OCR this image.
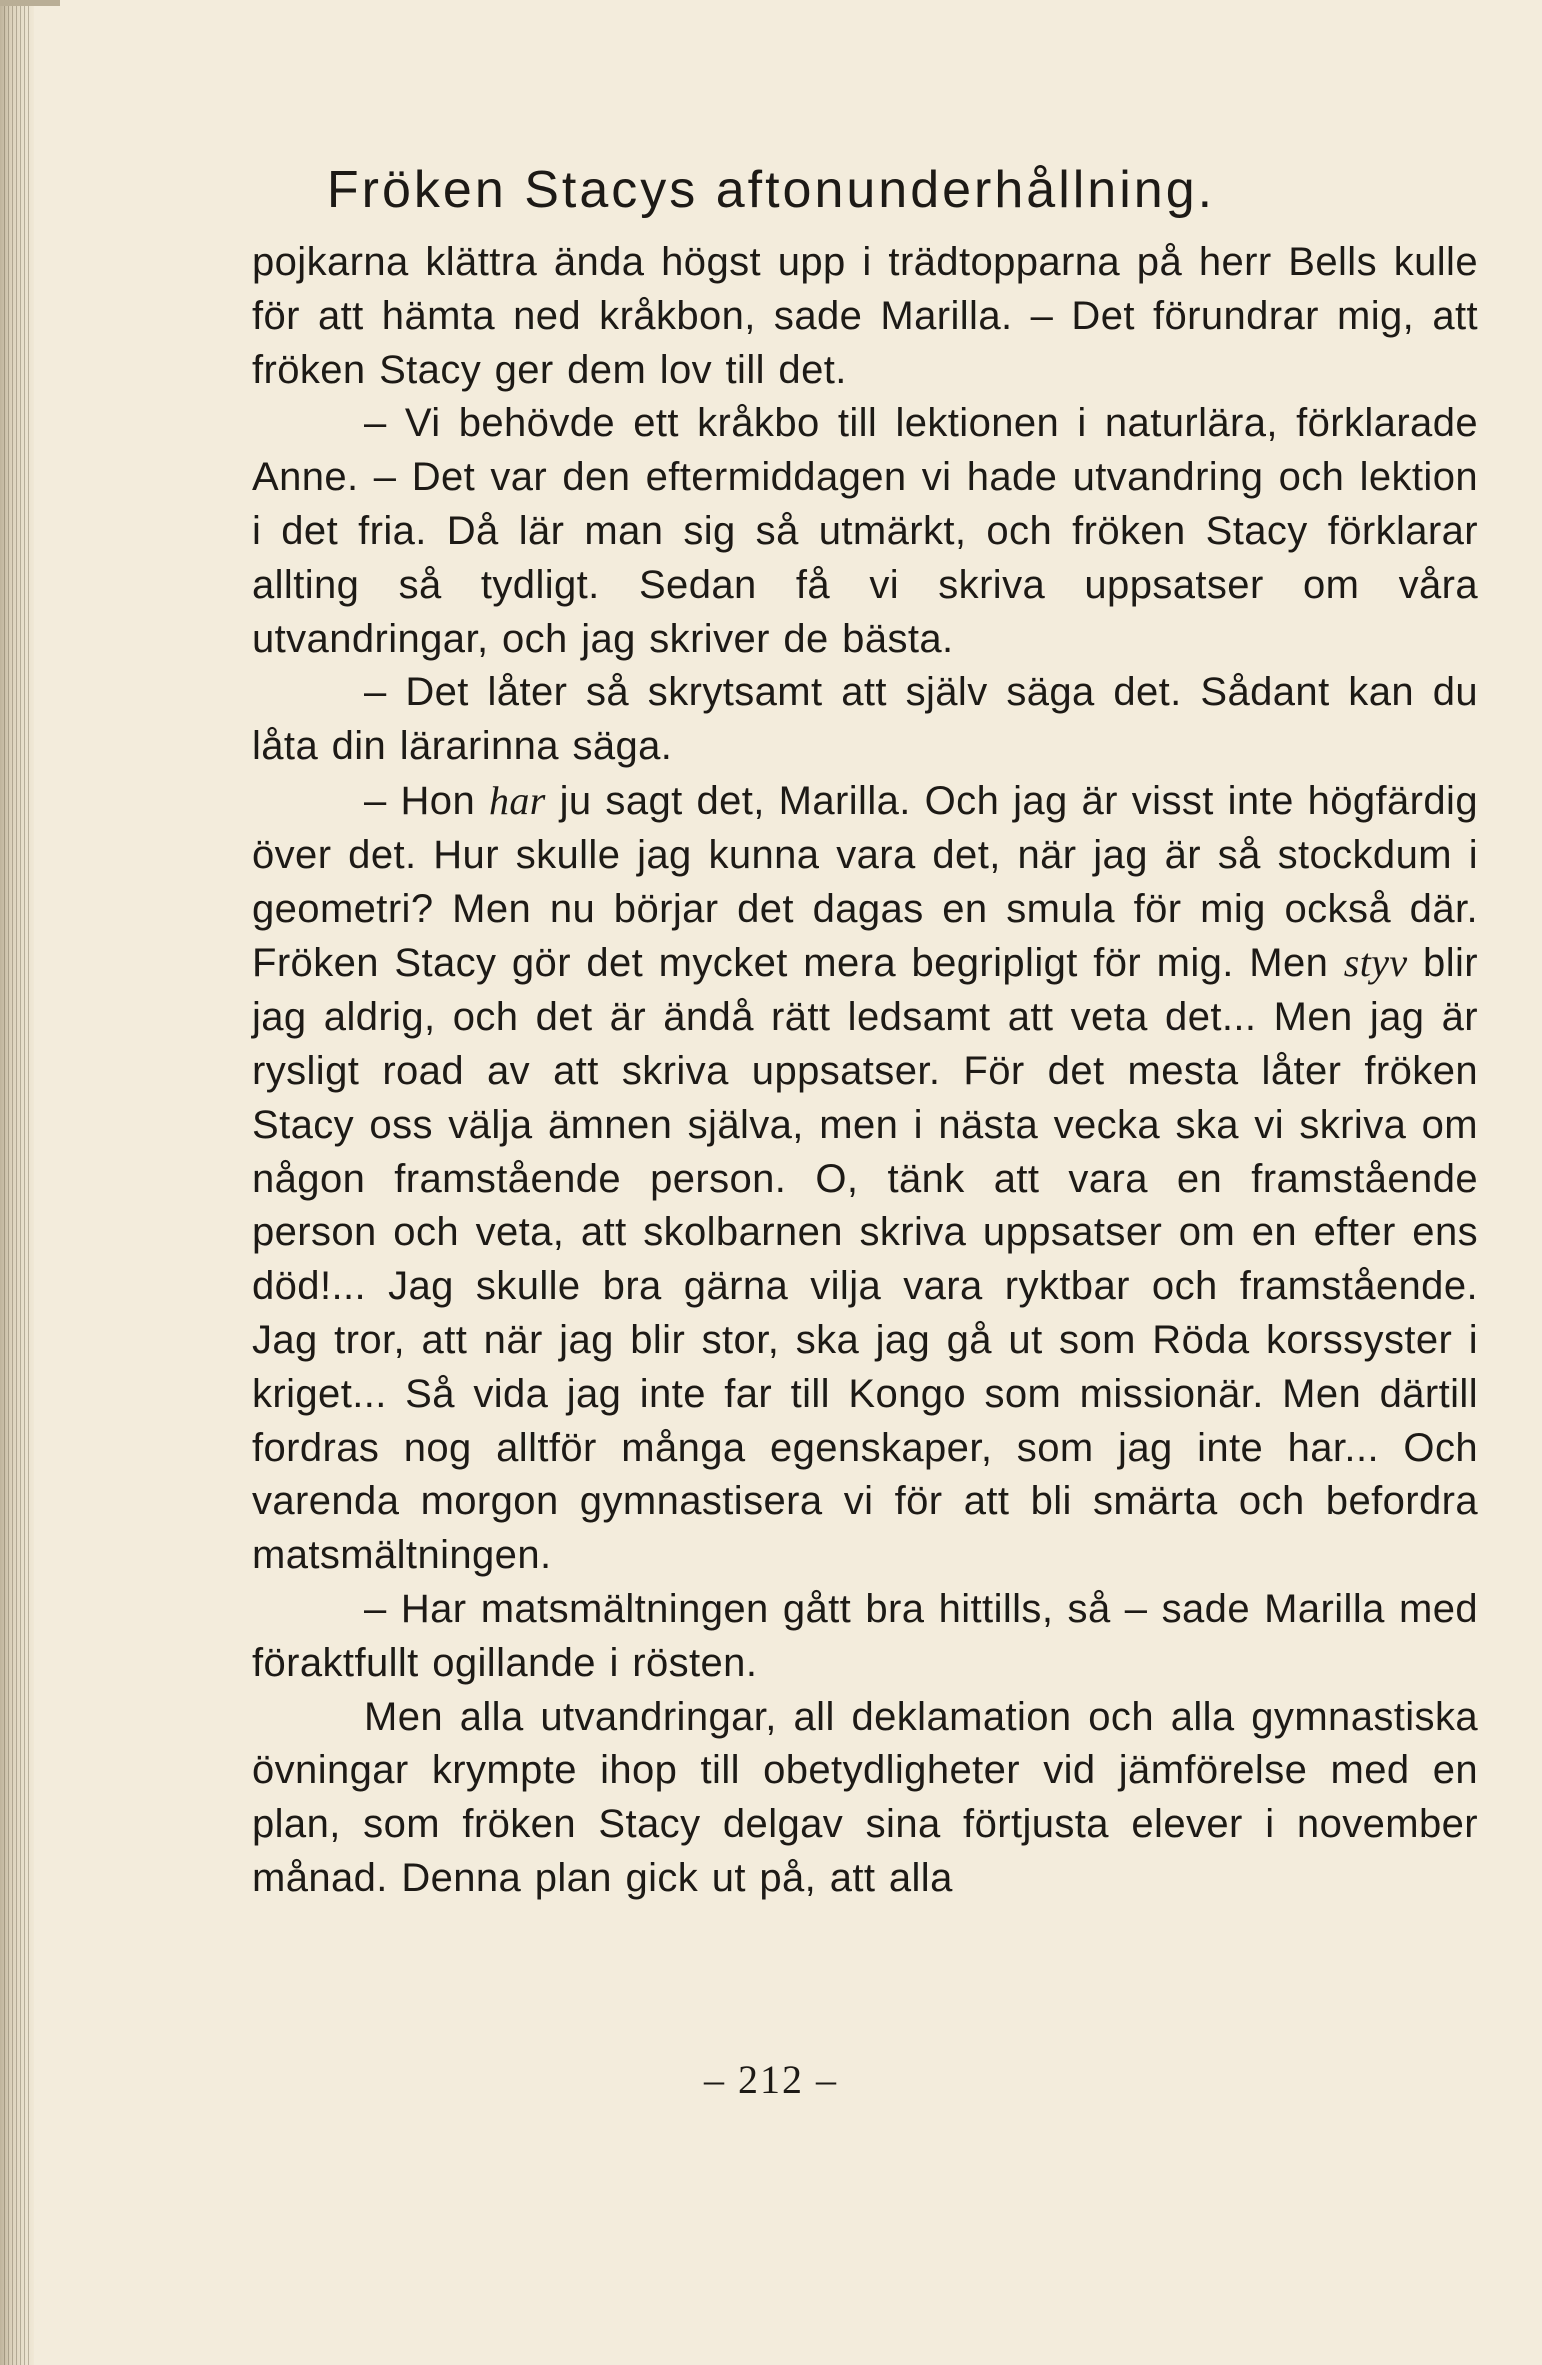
Fröken Stacys aftonunderhållning.

pojkarna klättra ända högst upp i trädtopparna på herr Bells kulle för att hämta ned kråkbon, sade Marilla. – Det förundrar mig, att fröken Stacy ger dem lov till det.

– Vi behövde ett kråkbo till lektionen i naturlära, förklarade Anne. – Det var den eftermiddagen vi hade utvandring och lektion i det fria. Då lär man sig så utmärkt, och fröken Stacy förklarar allting så tydligt. Sedan få vi skriva uppsatser om våra utvandringar, och jag skriver de bästa.

– Det låter så skrytsamt att själv säga det. Sådant kan du låta din lärarinna säga.

– Hon har ju sagt det, Marilla. Och jag är visst inte högfärdig över det. Hur skulle jag kunna vara det, när jag är så stockdum i geometri? Men nu börjar det dagas en smula för mig också där. Fröken Stacy gör det mycket mera begripligt för mig. Men styv blir jag aldrig, och det är ändå rätt ledsamt att veta det... Men jag är rysligt road av att skriva uppsatser. För det mesta låter fröken Stacy oss välja ämnen själva, men i nästa vecka ska vi skriva om någon framstående person. O, tänk att vara en framstående person och veta, att skolbarnen skriva uppsatser om en efter ens död!... Jag skulle bra gärna vilja vara ryktbar och framstående. Jag tror, att när jag blir stor, ska jag gå ut som Röda korssyster i kriget... Så vida jag inte far till Kongo som missionär. Men därtill fordras nog alltför många egenskaper, som jag inte har... Och varenda morgon gymnastisera vi för att bli smärta och befordra matsmältningen.

– Har matsmältningen gått bra hittills, så – sade Marilla med föraktfullt ogillande i rösten.

Men alla utvandringar, all deklamation och alla gymnastiska övningar krympte ihop till obetydligheter vid jämförelse med en plan, som fröken Stacy delgav sina förtjusta elever i november månad. Denna plan gick ut på, att alla

– 212 –
